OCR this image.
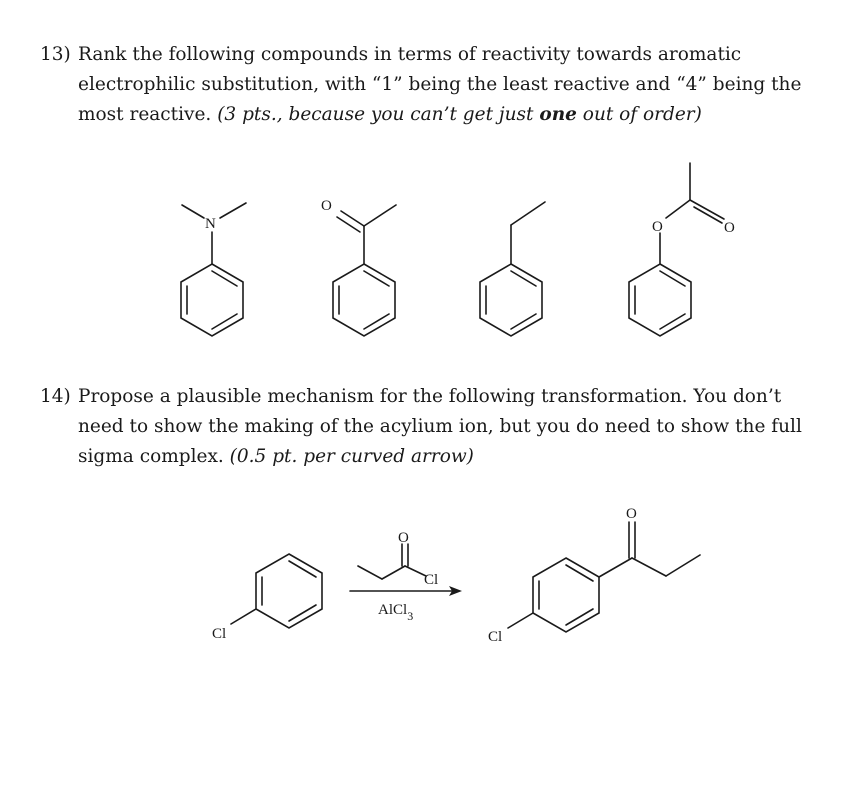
13) Rank the following compounds in terms of reactivity towards aromatic electrophilic substitution, with “1” being the least reactive and “4” being the most reactive. (3 pts., because you can’t get just one out of order)
14) Propose a plausible mechanism for the following transformation. You don’t need to show the making of the acylium ion, but you do need to show the full sigma complex. (0.5 pt. per curved arrow)
N
O
O	O
Cl
O
Cl
AlCl$_3$
Cl
O
